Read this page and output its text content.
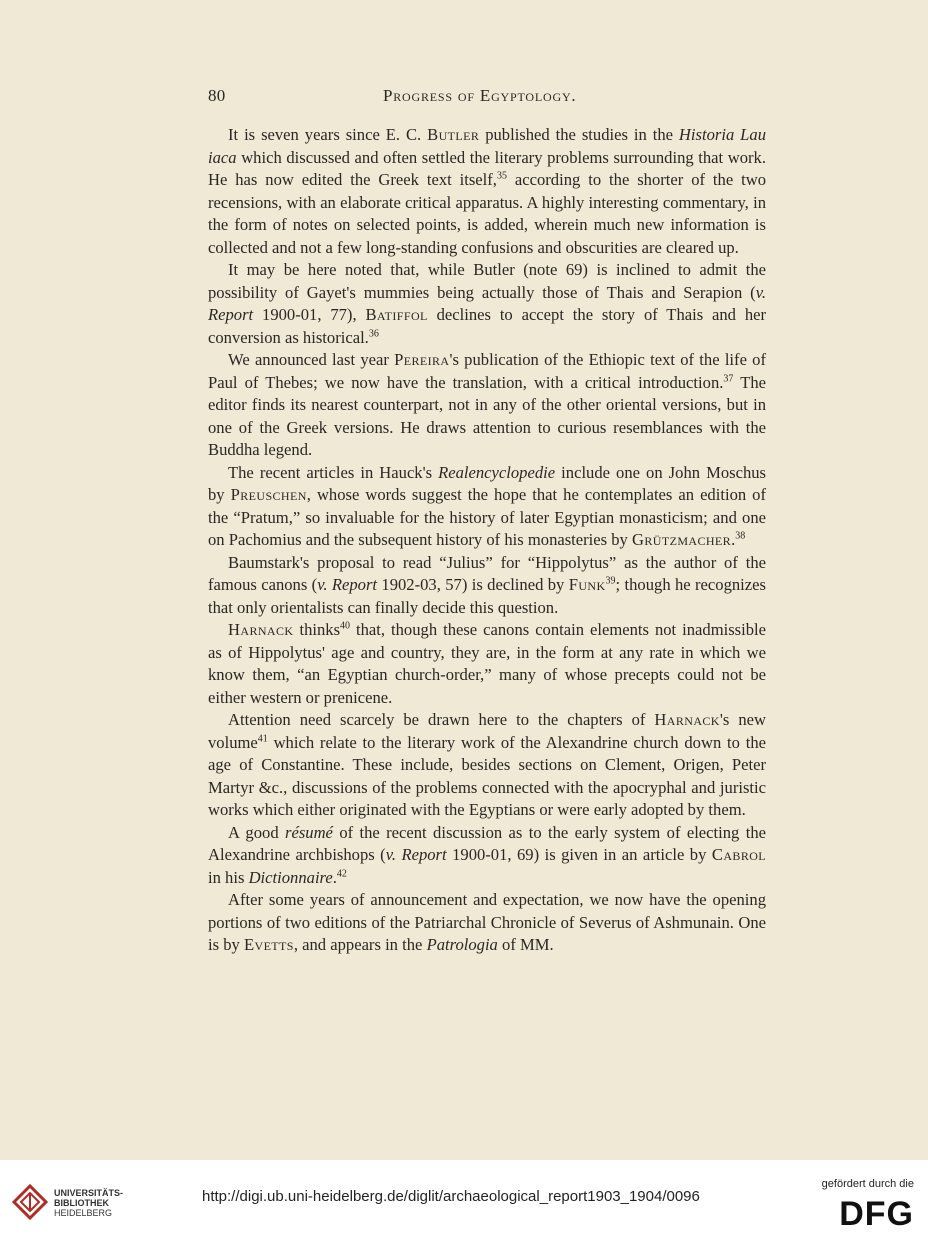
80	Progress of Egyptology.

It is seven years since E. C. Butler published the studies in the Historia Lau iaca which discussed and often settled the literary problems surrounding that work. He has now edited the Greek text itself,$^{35}$ according to the shorter of the two recensions, with an elaborate critical apparatus. A highly interesting commentary, in the form of notes on selected points, is added, wherein much new information is collected and not a few long-standing confusions and obscurities are cleared up.

It may be here noted that, while Butler (note 69) is inclined to admit the possibility of Gayet's mummies being actually those of Thais and Serapion (v. Report 1900-01, 77), Batiffol declines to accept the story of Thais and her conversion as historical.$^{36}$

We announced last year Pereira's publication of the Ethiopic text of the life of Paul of Thebes; we now have the translation, with a critical introduction.$^{37}$ The editor finds its nearest counterpart, not in any of the other oriental versions, but in one of the Greek versions. He draws attention to curious resemblances with the Buddha legend.

The recent articles in Hauck's Realencyclopedie include one on John Moschus by Preuschen, whose words suggest the hope that he contemplates an edition of the “Pratum,” so invaluable for the history of later Egyptian monasticism; and one on Pachomius and the subsequent history of his monasteries by Grützmacher.$^{38}$

Baumstark's proposal to read “Julius” for “Hippolytus” as the author of the famous canons (v. Report 1902-03, 57) is declined by Funk$^{39}$; though he recognizes that only orientalists can finally decide this question.

Harnack thinks$^{40}$ that, though these canons contain elements not inadmissible as of Hippolytus' age and country, they are, in the form at any rate in which we know them, “an Egyptian church-order,” many of whose precepts could not be either western or prenicene.

Attention need scarcely be drawn here to the chapters of Harnack's new volume$^{41}$ which relate to the literary work of the Alexandrine church down to the age of Constantine. These include, besides sections on Clement, Origen, Peter Martyr &c., discussions of the problems connected with the apocryphal and juristic works which either originated with the Egyptians or were early adopted by them.

A good résumé of the recent discussion as to the early system of electing the Alexandrine archbishops (v. Report 1900-01, 69) is given in an article by Cabrol in his Dictionnaire.$^{42}$

After some years of announcement and expectation, we now have the opening portions of two editions of the Patriarchal Chronicle of Severus of Ashmunain. One is by Evetts, and appears in the Patrologia of MM.

UNIVERSITÄTS-
BIBLIOTHEK
HEIDELBERG
http://digi.ub.uni-heidelberg.de/diglit/archaeological_report1903_1904/0096
gefördert durch die
DFG
